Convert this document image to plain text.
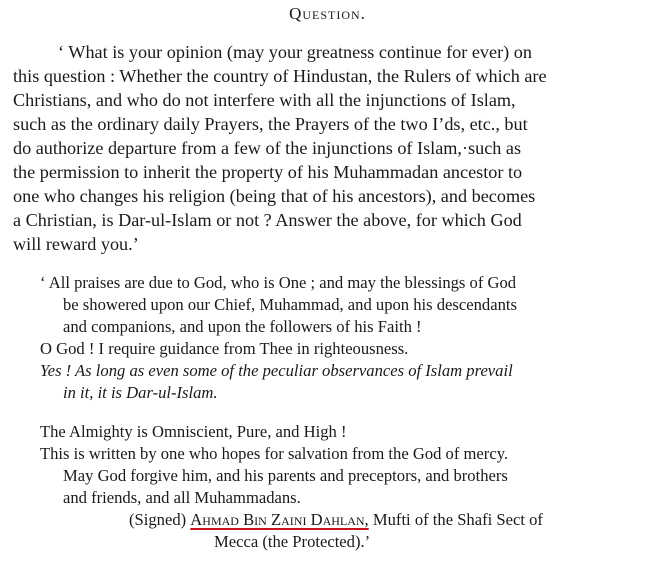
Question.
‘ What is your opinion (may your greatness continue for ever) on
this question : Whether the country of Hindustan, the Rulers of which are
Christians, and who do not interfere with all the injunctions of Islam,
such as the ordinary daily Prayers, the Prayers of the two I’ds, etc., but
do authorize departure from a few of the injunctions of Islam,·such as
the permission to inherit the property of his Muhammadan ancestor to
one who changes his religion (being that of his ancestors), and becomes
a Christian, is Dar-ul-Islam or not ? Answer the above, for which God
will reward you.’
‘ All praises are due to God, who is One ; and may the blessings of God
be showered upon our Chief, Muhammad, and upon his descendants
and companions, and upon the followers of his Faith !
O God ! I require guidance from Thee in righteousness.
Yes ! As long as even some of the peculiar observances of Islam prevail
in it, it is Dar-ul-Islam.
The Almighty is Omniscient, Pure, and High !
This is written by one who hopes for salvation from the God of mercy.
May God forgive him, and his parents and preceptors, and brothers
and friends, and all Muhammadans.
(Signed) Ahmad Bin Zaini Dahlan, Mufti of the Shafi Sect of
Mecca (the Protected).’
